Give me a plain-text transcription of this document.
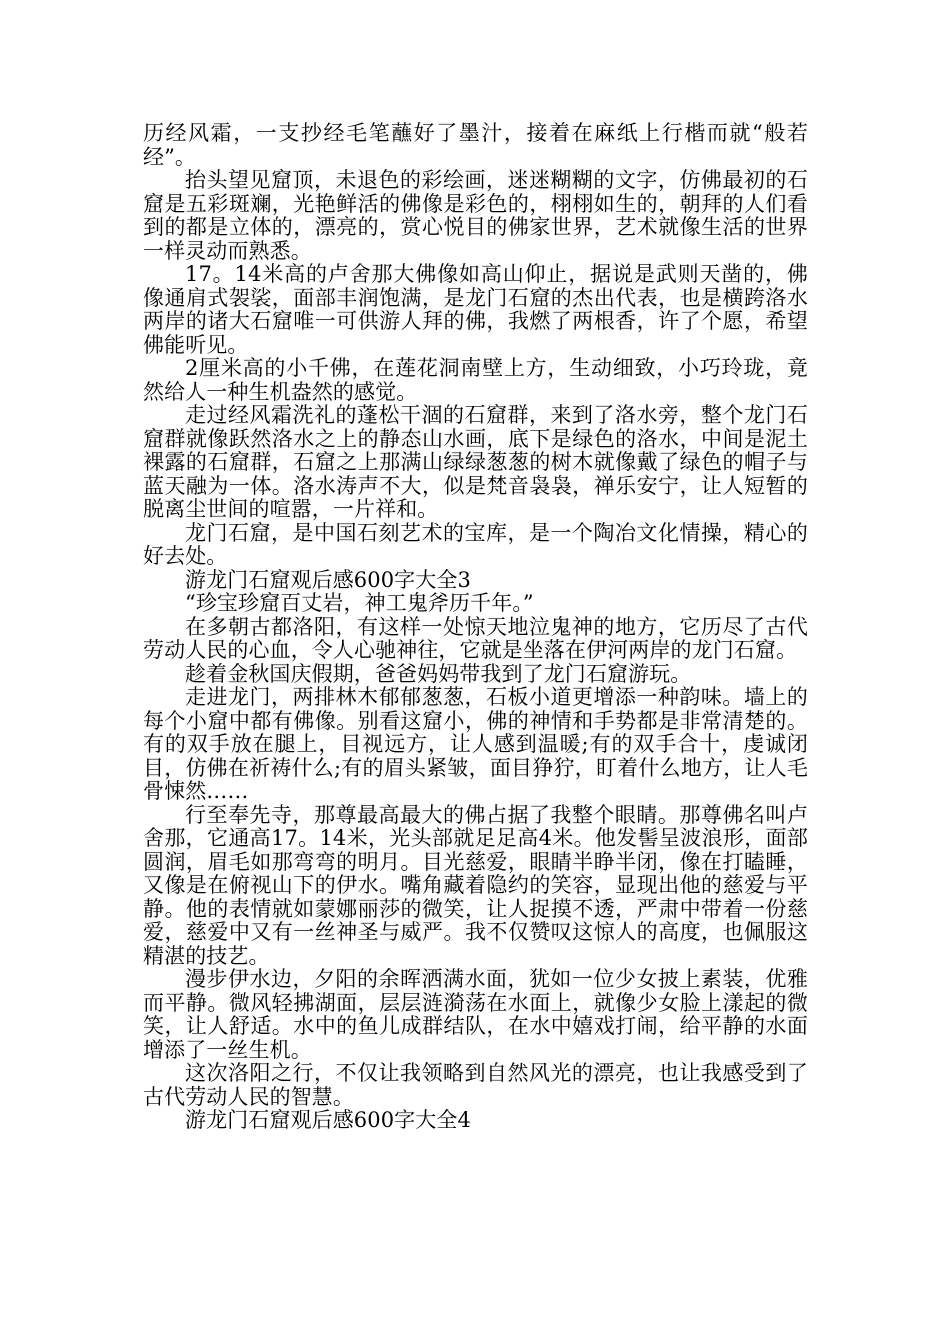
历经风霜，一支抄经毛笔蘸好了墨汁，接着在麻纸上行楷而就“般若经”。

抬头望见窟顶，未退色的彩绘画，迷迷糊糊的文字，仿佛最初的石窟是五彩斑斓，光艳鲜活的佛像是彩色的，栩栩如生的，朝拜的人们看到的都是立体的，漂亮的，赏心悦目的佛家世界，艺术就像生活的世界一样灵动而熟悉。

17。14米高的卢舍那大佛像如高山仰止，据说是武则天凿的，佛像通肩式袈裟，面部丰润饱满，是龙门石窟的杰出代表，也是横跨洛水两岸的诸大石窟唯一可供游人拜的佛，我燃了两根香，许了个愿，希望佛能听见。

2厘米高的小千佛，在莲花洞南壁上方，生动细致，小巧玲珑，竟然给人一种生机盎然的感觉。

走过经风霜洗礼的蓬松干涸的石窟群，来到了洛水旁，整个龙门石窟群就像跃然洛水之上的静态山水画，底下是绿色的洛水，中间是泥土裸露的石窟群，石窟之上那满山绿绿葱葱的树木就像戴了绿色的帽子与蓝天融为一体。洛水涛声不大，似是梵音袅袅，禅乐安宁，让人短暂的脱离尘世间的喧嚣，一片祥和。

龙门石窟，是中国石刻艺术的宝库，是一个陶冶文化情操，精心的好去处。

游龙门石窟观后感600字大全3

“珍宝珍窟百丈岩，神工鬼斧历千年。”

在多朝古都洛阳，有这样一处惊天地泣鬼神的地方，它历尽了古代劳动人民的心血，令人心驰神往，它就是坐落在伊河两岸的龙门石窟。

趁着金秋国庆假期，爸爸妈妈带我到了龙门石窟游玩。

走进龙门，两排林木郁郁葱葱，石板小道更增添一种韵味。墙上的每个小窟中都有佛像。别看这窟小，佛的神情和手势都是非常清楚的。有的双手放在腿上，目视远方，让人感到温暖;有的双手合十，虔诚闭目，仿佛在祈祷什么;有的眉头紧皱，面目狰狞，盯着什么地方，让人毛骨悚然……

行至奉先寺，那尊最高最大的佛占据了我整个眼睛。那尊佛名叫卢舍那，它通高17。14米，光头部就足足高4米。他发髻呈波浪形，面部圆润，眉毛如那弯弯的明月。目光慈爱，眼睛半睁半闭，像在打瞌睡，又像是在俯视山下的伊水。嘴角藏着隐约的笑容，显现出他的慈爱与平静。他的表情就如蒙娜丽莎的微笑，让人捉摸不透，严肃中带着一份慈爱，慈爱中又有一丝神圣与威严。我不仅赞叹这惊人的高度，也佩服这精湛的技艺。

漫步伊水边，夕阳的余晖洒满水面，犹如一位少女披上素装，优雅而平静。微风轻拂湖面，层层涟漪荡在水面上，就像少女脸上漾起的微笑，让人舒适。水中的鱼儿成群结队，在水中嬉戏打闹，给平静的水面增添了一丝生机。

这次洛阳之行，不仅让我领略到自然风光的漂亮，也让我感受到了古代劳动人民的智慧。

游龙门石窟观后感600字大全4
